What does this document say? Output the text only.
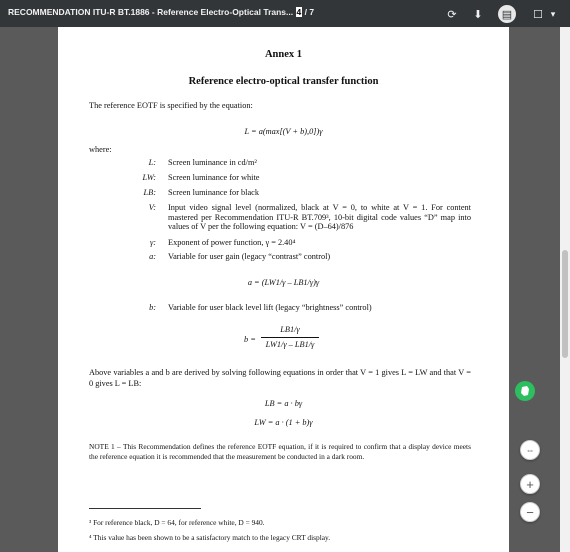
RECOMMENDATION ITU-R BT.1886 - Reference Electro-Optical Trans... 4 / 7	⟳	⬇	▤	☐ ▾
Annex 1
Reference electro-optical transfer function
The reference EOTF is specified by the equation:
L = a(max[(V + b),0])γ
where:
L: Screen luminance in cd/m²
LW: Screen luminance for white
LB: Screen luminance for black
V: Input video signal level (normalized, black at V = 0, to white at V = 1. For content mastered per Recommendation ITU-R BT.709³, 10-bit digital code values “D” map into values of V per the following equation: V = (D–64)/876
γ: Exponent of power function, γ = 2.40⁴
a: Variable for user gain (legacy “contrast” control)
a = (LW1/γ – LB1/γ)γ
b: Variable for user black level lift (legacy “brightness” control)
b =
LB1/γ
LW1/γ – LB1/γ
Above variables a and b are derived by solving following equations in order that V = 1 gives L = LW and that V = 0 gives L = LB:
LB = a · bγ
LW = a · (1 + b)γ
NOTE 1 – This Recommendation defines the reference EOTF equation, if it is required to confirm that a display device meets the reference equation it is recommended that the measurement be conducted in a dark room.
³ For reference black, D = 64, for reference white, D = 940.
⁴ This value has been shown to be a satisfactory match to the legacy CRT display.
⇔
+
−
